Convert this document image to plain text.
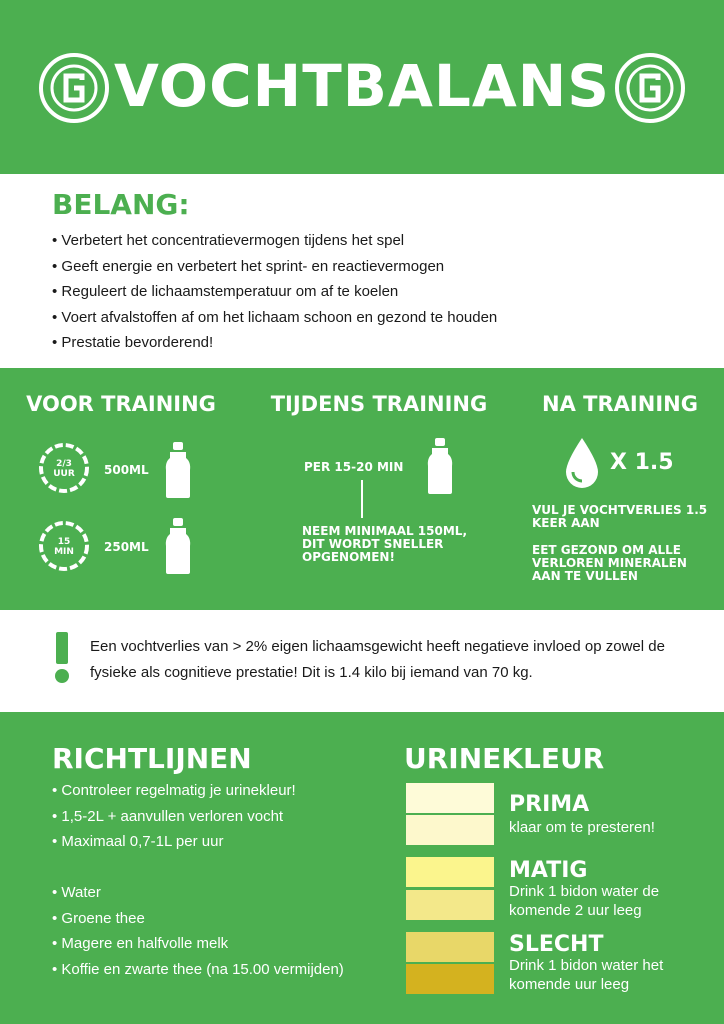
VOCHTBALANS
BELANG:
• Verbetert het concentratievermogen tijdens het spel
• Geeft energie en verbetert het sprint- en reactievermogen
• Reguleert de lichaamstemperatuur om af te koelen
• Voert afvalstoffen af om het lichaam schoon en gezond te houden
• Prestatie bevorderend!
VOOR TRAINING
2/3
UUR	500ML
15
MIN	250ML
TIJDENS TRAINING
PER 15-20 MIN
NEEM MINIMAAL 150ML, DIT WORDT SNELLER OPGENOMEN!
NA TRAINING
X 1.5
VUL JE VOCHTVERLIES 1.5 KEER AAN
EET GEZOND OM ALLE VERLOREN MINERALEN AAN TE VULLEN
Een vochtverlies van > 2% eigen lichaamsgewicht heeft negatieve invloed op zowel de fysieke als cognitieve prestatie! Dit is 1.4 kilo bij iemand van 70 kg.
RICHTLIJNEN
• Controleer regelmatig je urinekleur!
• 1,5-2L + aanvullen verloren vocht
• Maximaal 0,7-1L per uur
• Water
• Groene thee
• Magere en halfvolle melk
• Koffie en zwarte thee (na 15.00 vermijden)
URINEKLEUR
PRIMA
klaar om te presteren!
MATIG
Drink 1 bidon water de komende 2 uur leeg
SLECHT
Drink 1 bidon water het komende uur leeg
